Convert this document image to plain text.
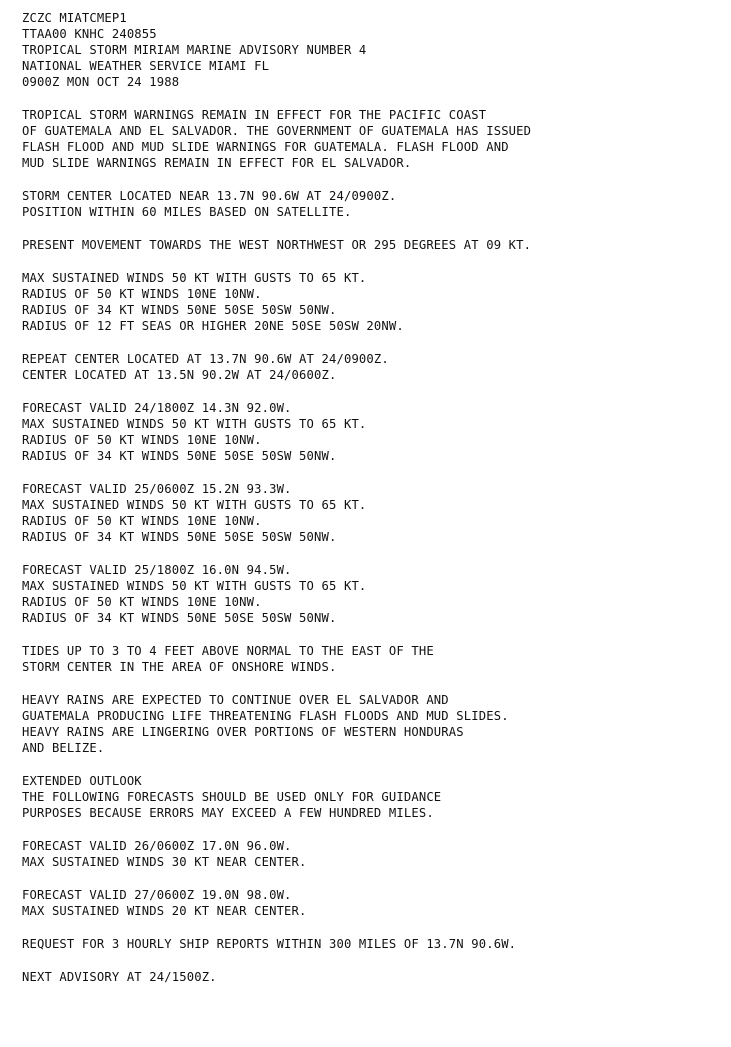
ZCZC MIATCMEP1
TTAA00 KNHC 240855
TROPICAL STORM MIRIAM MARINE ADVISORY NUMBER 4
NATIONAL WEATHER SERVICE MIAMI FL
0900Z MON OCT 24 1988
TROPICAL STORM WARNINGS REMAIN IN EFFECT FOR THE PACIFIC COAST
OF GUATEMALA AND EL SALVADOR. THE GOVERNMENT OF GUATEMALA HAS ISSUED
FLASH FLOOD AND MUD SLIDE WARNINGS FOR GUATEMALA. FLASH FLOOD AND
MUD SLIDE WARNINGS REMAIN IN EFFECT FOR EL SALVADOR.
STORM CENTER LOCATED NEAR 13.7N 90.6W AT 24/0900Z.
POSITION WITHIN 60 MILES BASED ON SATELLITE.
PRESENT MOVEMENT TOWARDS THE WEST NORTHWEST OR 295 DEGREES AT 09 KT.
MAX SUSTAINED WINDS 50 KT WITH GUSTS TO 65 KT.
RADIUS OF 50 KT WINDS 10NE 10NW.
RADIUS OF 34 KT WINDS 50NE 50SE 50SW 50NW.
RADIUS OF 12 FT SEAS OR HIGHER 20NE 50SE 50SW 20NW.
REPEAT CENTER LOCATED AT 13.7N 90.6W AT 24/0900Z.
CENTER LOCATED AT 13.5N 90.2W AT 24/0600Z.
FORECAST VALID 24/1800Z 14.3N 92.0W.
MAX SUSTAINED WINDS 50 KT WITH GUSTS TO 65 KT.
RADIUS OF 50 KT WINDS 10NE 10NW.
RADIUS OF 34 KT WINDS 50NE 50SE 50SW 50NW.
FORECAST VALID 25/0600Z 15.2N 93.3W.
MAX SUSTAINED WINDS 50 KT WITH GUSTS TO 65 KT.
RADIUS OF 50 KT WINDS 10NE 10NW.
RADIUS OF 34 KT WINDS 50NE 50SE 50SW 50NW.
FORECAST VALID 25/1800Z 16.0N 94.5W.
MAX SUSTAINED WINDS 50 KT WITH GUSTS TO 65 KT.
RADIUS OF 50 KT WINDS 10NE 10NW.
RADIUS OF 34 KT WINDS 50NE 50SE 50SW 50NW.
TIDES UP TO 3 TO 4 FEET ABOVE NORMAL TO THE EAST OF THE
STORM CENTER IN THE AREA OF ONSHORE WINDS.
HEAVY RAINS ARE EXPECTED TO CONTINUE OVER EL SALVADOR AND
GUATEMALA PRODUCING LIFE THREATENING FLASH FLOODS AND MUD SLIDES.
HEAVY RAINS ARE LINGERING OVER PORTIONS OF WESTERN HONDURAS
AND BELIZE.
EXTENDED OUTLOOK
THE FOLLOWING FORECASTS SHOULD BE USED ONLY FOR GUIDANCE
PURPOSES BECAUSE ERRORS MAY EXCEED A FEW HUNDRED MILES.
FORECAST VALID 26/0600Z 17.0N 96.0W.
MAX SUSTAINED WINDS 30 KT NEAR CENTER.
FORECAST VALID 27/0600Z 19.0N 98.0W.
MAX SUSTAINED WINDS 20 KT NEAR CENTER.
REQUEST FOR 3 HOURLY SHIP REPORTS WITHIN 300 MILES OF 13.7N 90.6W.
NEXT ADVISORY AT 24/1500Z.
